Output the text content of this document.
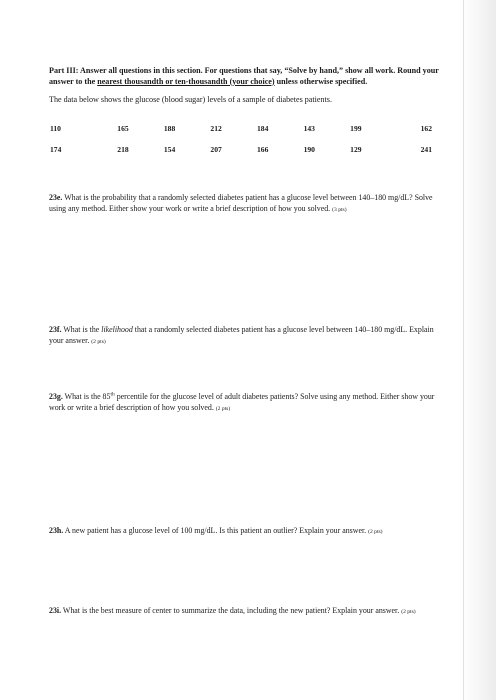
Part III: Answer all questions in this section. For questions that say, “Solve by hand,” show all work. Round your answer to the nearest thousandth or ten-thousandth (your choice) unless otherwise specified.

The data below shows the glucose (blood sugar) levels of a sample of diabetes patients.

110	165	188	212	184	143	199	162
174	218	154	207	166	190	129	241

23e. What is the probability that a randomly selected diabetes patient has a glucose level between 140–180 mg/dL? Solve using any method. Either show your work or write a brief description of how you solved. (3 pts)

23f. What is the likelihood that a randomly selected diabetes patient has a glucose level between 140–180 mg/dL. Explain your answer. (2 pts)

23g. What is the 85th percentile for the glucose level of adult diabetes patients? Solve using any method. Either show your work or write a brief description of how you solved. (2 pts)

23h. A new patient has a glucose level of 100 mg/dL. Is this patient an outlier? Explain your answer. (2 pts)

23i. What is the best measure of center to summarize the data, including the new patient? Explain your answer. (2 pts)
